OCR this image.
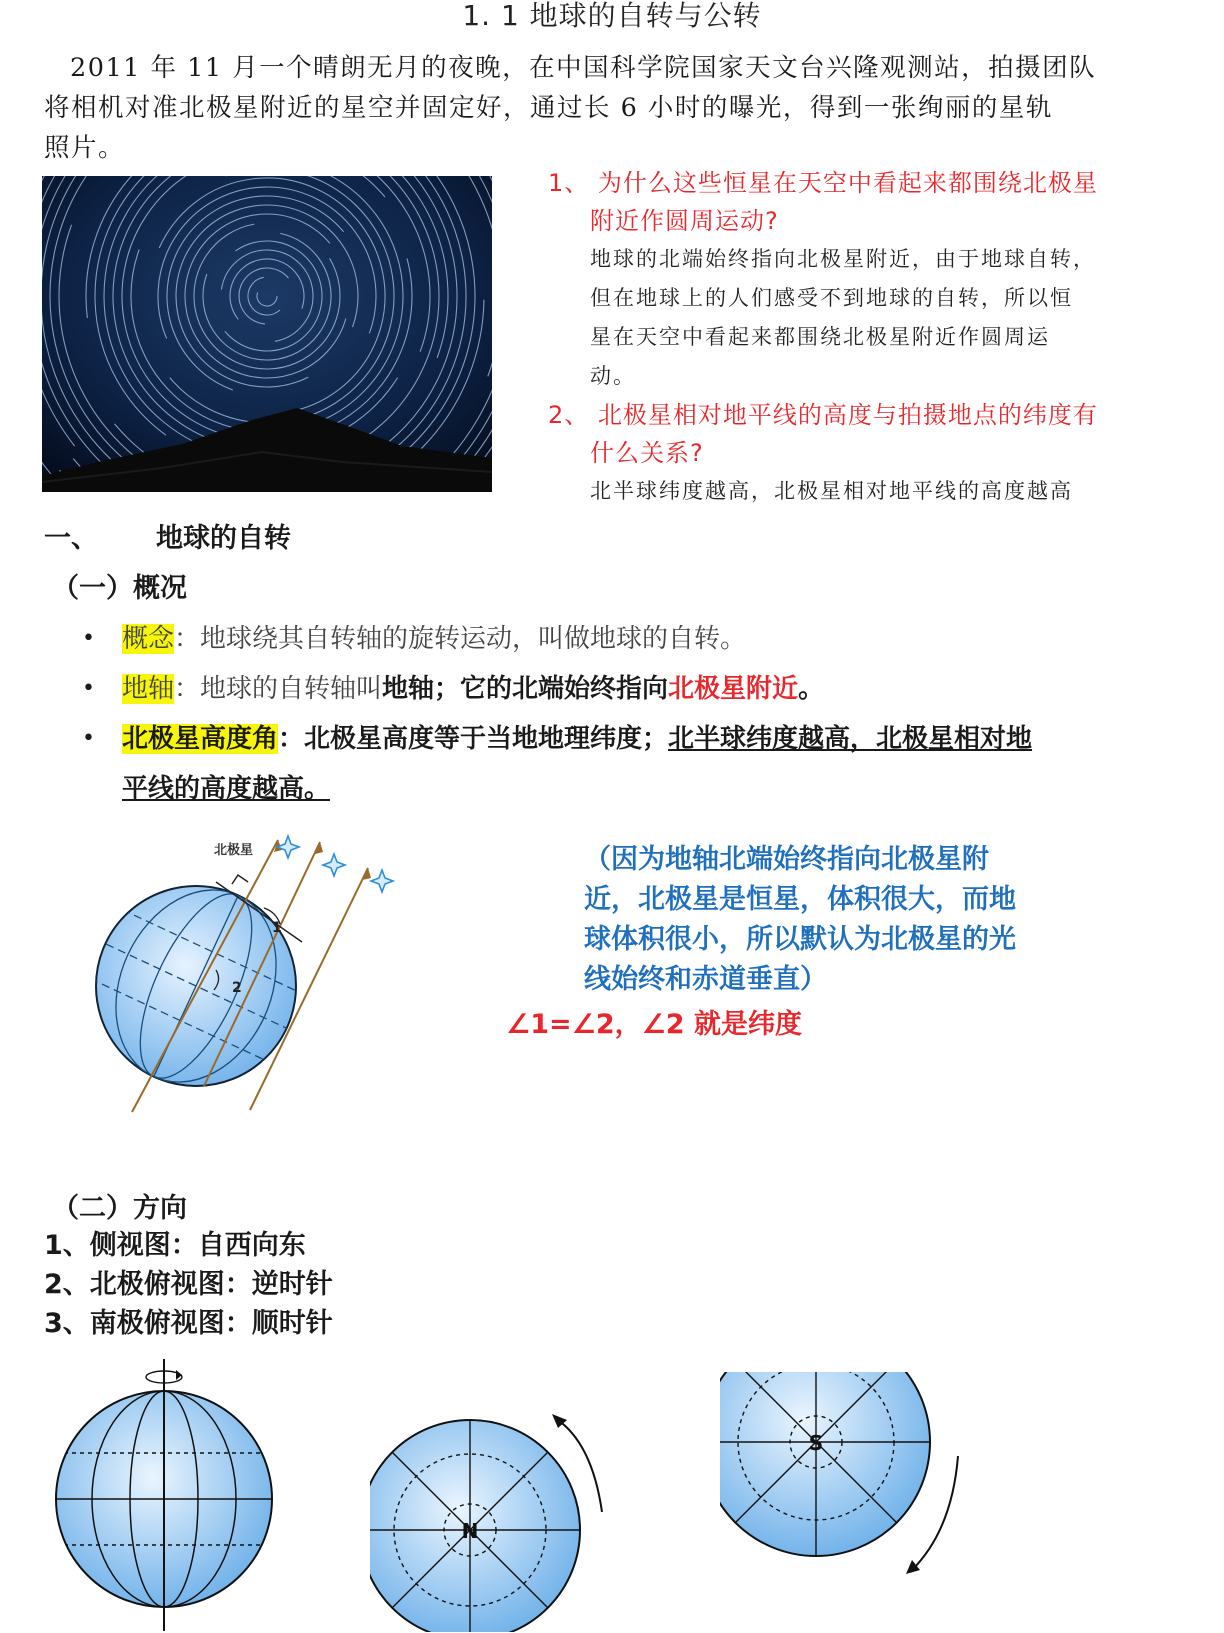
1. 1 地球的自转与公转
2011 年 11 月一个晴朗无月的夜晚，在中国科学院国家天文台兴隆观测站，拍摄团队
将相机对准北极星附近的星空并固定好，通过长 6 小时的曝光，得到一张绚丽的星轨
照片。
1、 为什么这些恒星在天空中看起来都围绕北极星
附近作圆周运动?
地球的北端始终指向北极星附近，由于地球自转，
但在地球上的人们感受不到地球的自转，所以恒
星在天空中看起来都围绕北极星附近作圆周运
动。
2、 北极星相对地平线的高度与拍摄地点的纬度有
什么关系?
北半球纬度越高，北极星相对地平线的高度越高
一、 地球的自转
（一）概况
• 概念：地球绕其自转轴的旋转运动，叫做地球的自转。
• 地轴：地球的自转轴叫地轴；它的北端始终指向北极星附近。
• 北极星高度角：北极星高度等于当地地理纬度；北半球纬度越高，北极星相对地
平线的高度越高。
北极星
1
2
（因为地轴北端始终指向北极星附
近，北极星是恒星，体积很大，而地
球体积很小，所以默认为北极星的光
线始终和赤道垂直）
∠1=∠2，∠2 就是纬度
（二）方向
1、侧视图：自西向东
2、北极俯视图：逆时针
3、南极俯视图：顺时针
N
S
